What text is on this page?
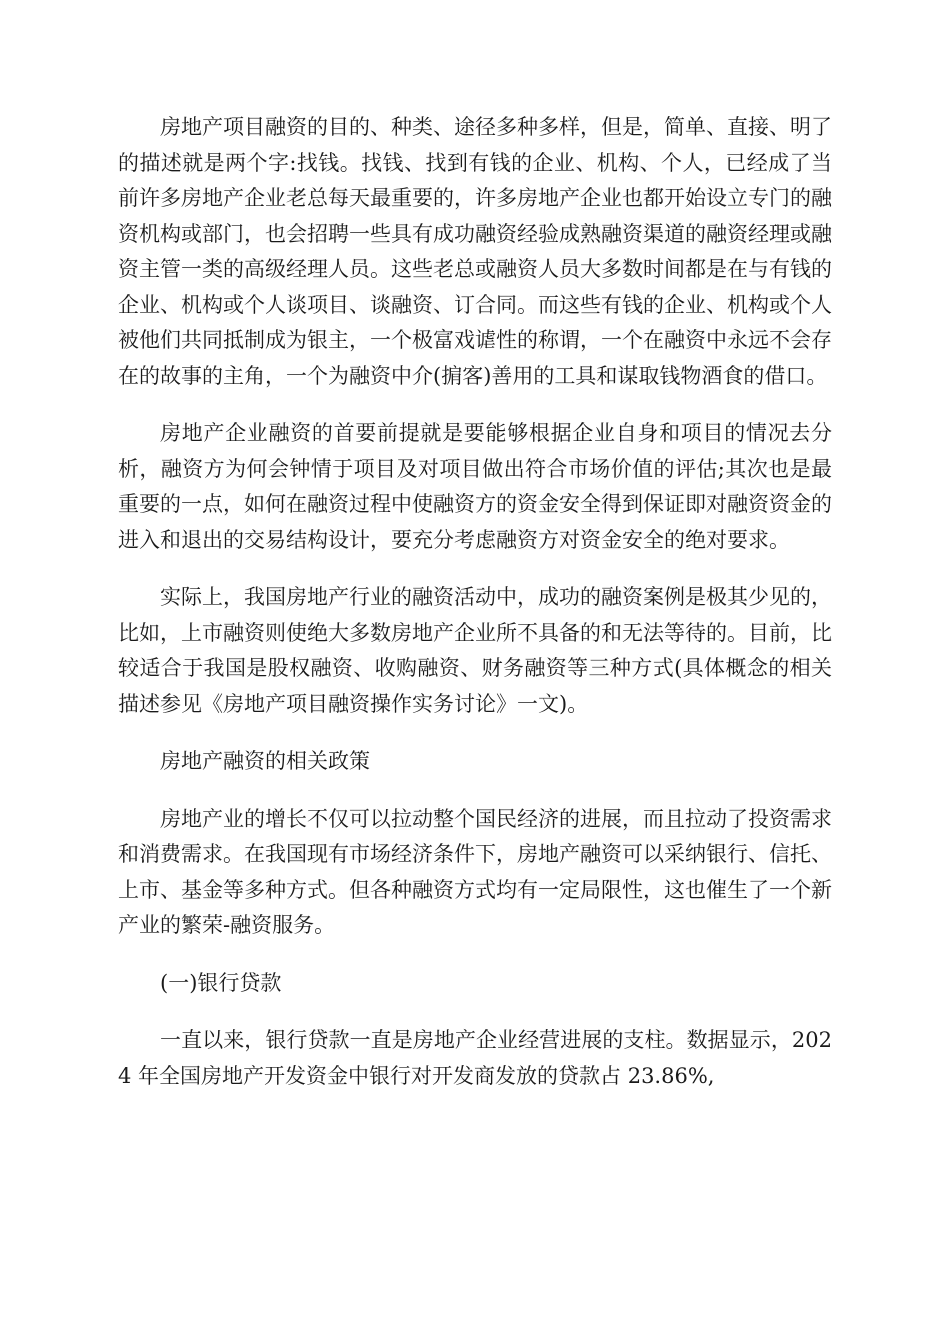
房地产项目融资的目的、种类、途径多种多样，但是，简单、直接、明了的描述就是两个字:找钱。找钱、找到有钱的企业、机构、个人，已经成了当前许多房地产企业老总每天最重要的，许多房地产企业也都开始设立专门的融资机构或部门，也会招聘一些具有成功融资经验成熟融资渠道的融资经理或融资主管一类的高级经理人员。这些老总或融资人员大多数时间都是在与有钱的企业、机构或个人谈项目、谈融资、订合同。而这些有钱的企业、机构或个人被他们共同抵制成为银主，一个极富戏谑性的称谓，一个在融资中永远不会存在的故事的主角，一个为融资中介(掮客)善用的工具和谋取钱物酒食的借口。

房地产企业融资的首要前提就是要能够根据企业自身和项目的情况去分析，融资方为何会钟情于项目及对项目做出符合市场价值的评估;其次也是最重要的一点，如何在融资过程中使融资方的资金安全得到保证即对融资资金的进入和退出的交易结构设计，要充分考虑融资方对资金安全的绝对要求。

实际上，我国房地产行业的融资活动中，成功的融资案例是极其少见的，比如，上市融资则使绝大多数房地产企业所不具备的和无法等待的。目前，比较适合于我国是股权融资、收购融资、财务融资等三种方式(具体概念的相关描述参见《房地产项目融资操作实务讨论》一文)。

房地产融资的相关政策

房地产业的增长不仅可以拉动整个国民经济的进展，而且拉动了投资需求和消费需求。在我国现有市场经济条件下，房地产融资可以采纳银行、信托、上市、基金等多种方式。但各种融资方式均有一定局限性，这也催生了一个新产业的繁荣-融资服务。

(一)银行贷款

一直以来，银行贷款一直是房地产企业经营进展的支柱。数据显示，2024 年全国房地产开发资金中银行对开发商发放的贷款占 23.86%,
